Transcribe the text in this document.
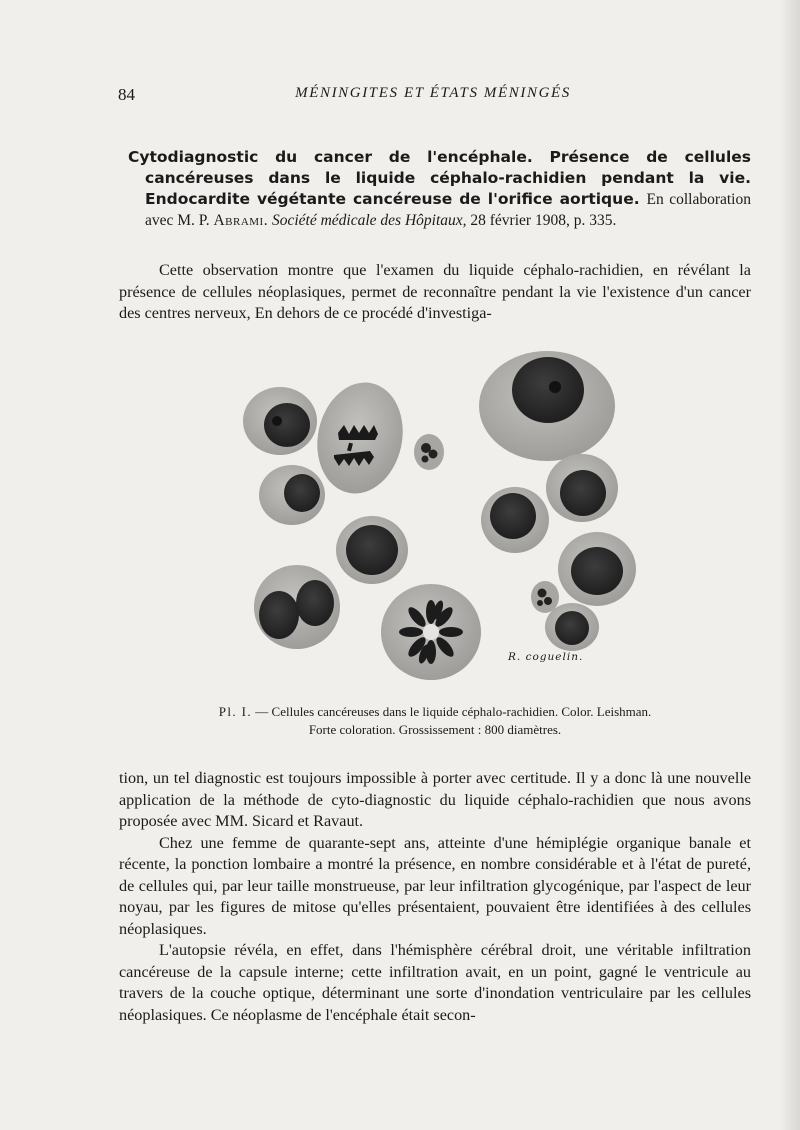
84	MÉNINGITES ET ÉTATS MÉNINGÉS
Cytodiagnostic du cancer de l'encéphale. Présence de cellules cancéreuses dans le liquide céphalo-rachidien pendant la vie. Endocardite végétante cancéreuse de l'orifice aortique. En collaboration avec M. P. Abrami. Société médicale des Hôpitaux, 28 février 1908, p. 335.
Cette observation montre que l'examen du liquide céphalo-rachidien, en révélant la présence de cellules néoplasiques, permet de reconnaître pendant la vie l'existence d'un cancer des centres nerveux, En dehors de ce procédé d'investiga-
R. coguelin.
Pl. I. — Cellules cancéreuses dans le liquide céphalo-rachidien. Color. Leishman.
Forte coloration. Grossissement : 800 diamètres.
tion, un tel diagnostic est toujours impossible à porter avec certitude. Il y a donc là une nouvelle application de la méthode de cyto-diagnostic du liquide céphalo-rachidien que nous avons proposée avec MM. Sicard et Ravaut.
Chez une femme de quarante-sept ans, atteinte d'une hémiplégie organique banale et récente, la ponction lombaire a montré la présence, en nombre considérable et à l'état de pureté, de cellules qui, par leur taille monstrueuse, par leur infiltration glycogénique, par l'aspect de leur noyau, par les figures de mitose qu'elles présentaient, pouvaient être identifiées à des cellules néoplasiques.
L'autopsie révéla, en effet, dans l'hémisphère cérébral droit, une véritable infiltration cancéreuse de la capsule interne; cette infiltration avait, en un point, gagné le ventricule au travers de la couche optique, déterminant une sorte d'inondation ventriculaire par les cellules néoplasiques. Ce néoplasme de l'encéphale était secon-
